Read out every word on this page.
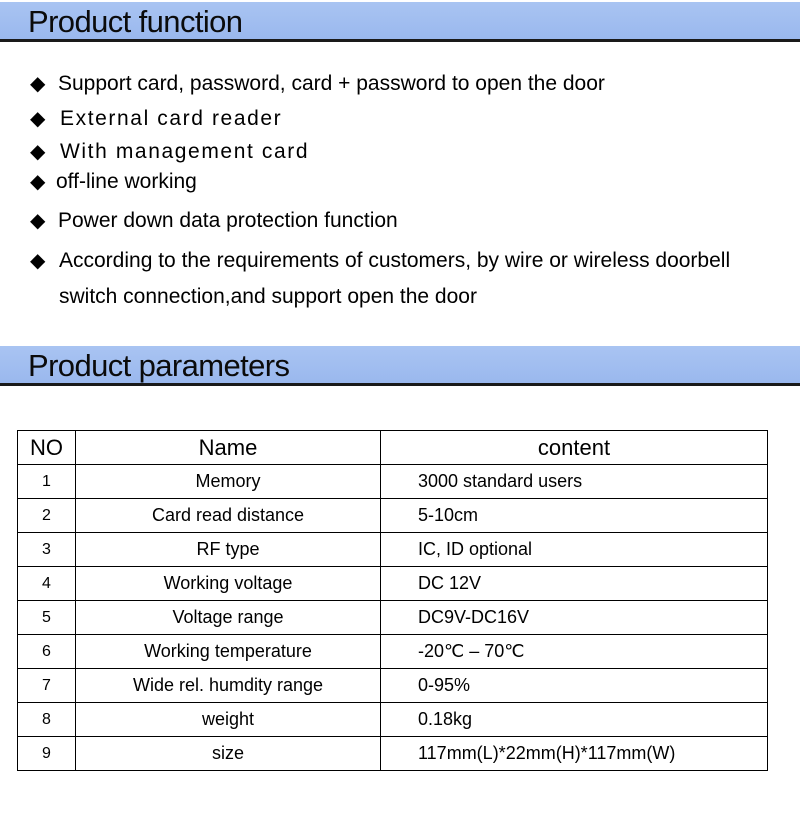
Product function
◆ Support card, password, card + password to open the door
◆ External card reader
◆ With management card
◆ off-line working
◆ Power down data protection function
◆ According to the requirements of customers, by wire or wireless doorbell switch connection,and support open the door
Product parameters
NO	Name	content
1	Memory	3000 standard users
2	Card read distance	5-10cm
3	RF type	IC, ID optional
4	Working voltage	DC 12V
5	Voltage range	DC9V-DC16V
6	Working temperature	-20℃ – 70℃
7	Wide rel. humdity range	0-95%
8	weight	0.18kg
9	size	117mm(L)*22mm(H)*117mm(W)
